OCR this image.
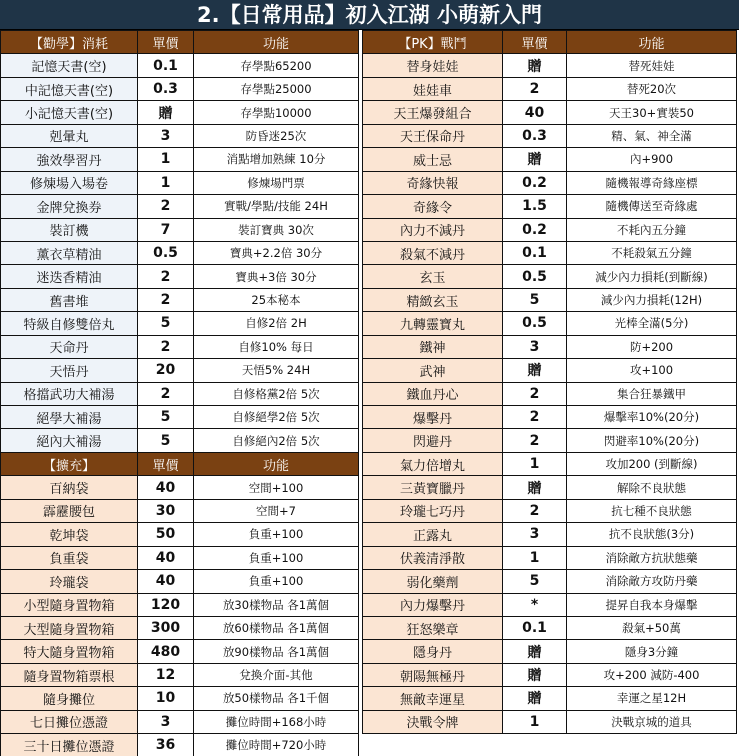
2.【日常用品】初入江湖 小萌新入門
【勸學】消耗	單價	功能
記憶天書(空)	0.1	存學點65200
中記憶天書(空)	0.3	存學點25000
小記憶天書(空)	贈	存學點10000
剋暈丸	3	防昏迷25次
強效學習丹	1	消點增加熟練 10分
修煉場入場卷	1	修煉場門票
金牌兌換券	2	實戰/學點/技能 24H
裝訂機	7	裝訂寶典 30次
薰衣草精油	0.5	寶典+2.2倍 30分
迷迭香精油	2	寶典+3倍 30分
舊書堆	2	25本秘本
特級自修雙倍丸	5	自修2倍 2H
天命丹	2	自修10% 每日
天悟丹	20	天悟5% 24H
格擋武功大補湯	2	自修格黨2倍 5次
絕學大補湯	5	自修絕學2倍 5次
絕內大補湯	5	自修絕內2倍 5次
【擴充】	單價	功能
百納袋	40	空間+100
霹靂腰包	30	空間+7
乾坤袋	50	負重+100
負重袋	40	負重+100
玲瓏袋	40	負重+100
小型隨身置物箱	120	放30樣物品 各1萬個
大型隨身置物箱	300	放60樣物品 各1萬個
特大隨身置物箱	480	放90樣物品 各1萬個
隨身置物箱票根	12	兌換介面-其他
隨身攤位	10	放50樣物品 各1千個
七日攤位憑證	3	攤位時間+168小時
三十日攤位憑證	36	攤位時間+720小時
【PK】戰鬥	單價	功能
替身娃娃	贈	替死娃娃
娃娃車	2	替死20次
天王爆發組合	40	天王30+實裝50
天王保命丹	0.3	精、氣、神全滿
威士忌	贈	內+900
奇緣快報	0.2	隨機報導奇緣座標
奇緣令	1.5	隨機傳送至奇緣處
內力不減丹	0.2	不耗內五分鐘
殺氣不減丹	0.1	不耗殺氣五分鐘
玄玉	0.5	減少內力損耗(到斷線)
精緻玄玉	5	減少內力損耗(12H)
九轉靈寶丸	0.5	光棒全滿(5分)
鐵神	3	防+200
武神	贈	攻+100
鐵血丹心	2	集合狂暴鐵甲
爆擊丹	2	爆擊率10%(20分)
閃避丹	2	閃避率10%(20分)
氣力倍增丸	1	攻加200 (到斷線)
三黃寶臘丹	贈	解除不良狀態
玲瓏七巧丹	2	抗七種不良狀態
正露丸	3	抗不良狀態(3分)
伏義清淨散	1	消除敵方抗狀態藥
弱化藥劑	5	消除敵方攻防丹藥
內力爆擊丹	*	提昇自我本身爆擊
狂怒樂章	0.1	殺氣+50萬
隱身丹	贈	隱身3分鐘
朝陽無極丹	贈	攻+200 減防-400
無敵幸運星	贈	幸運之星12H
決戰令牌	1	決戰京城的道具
